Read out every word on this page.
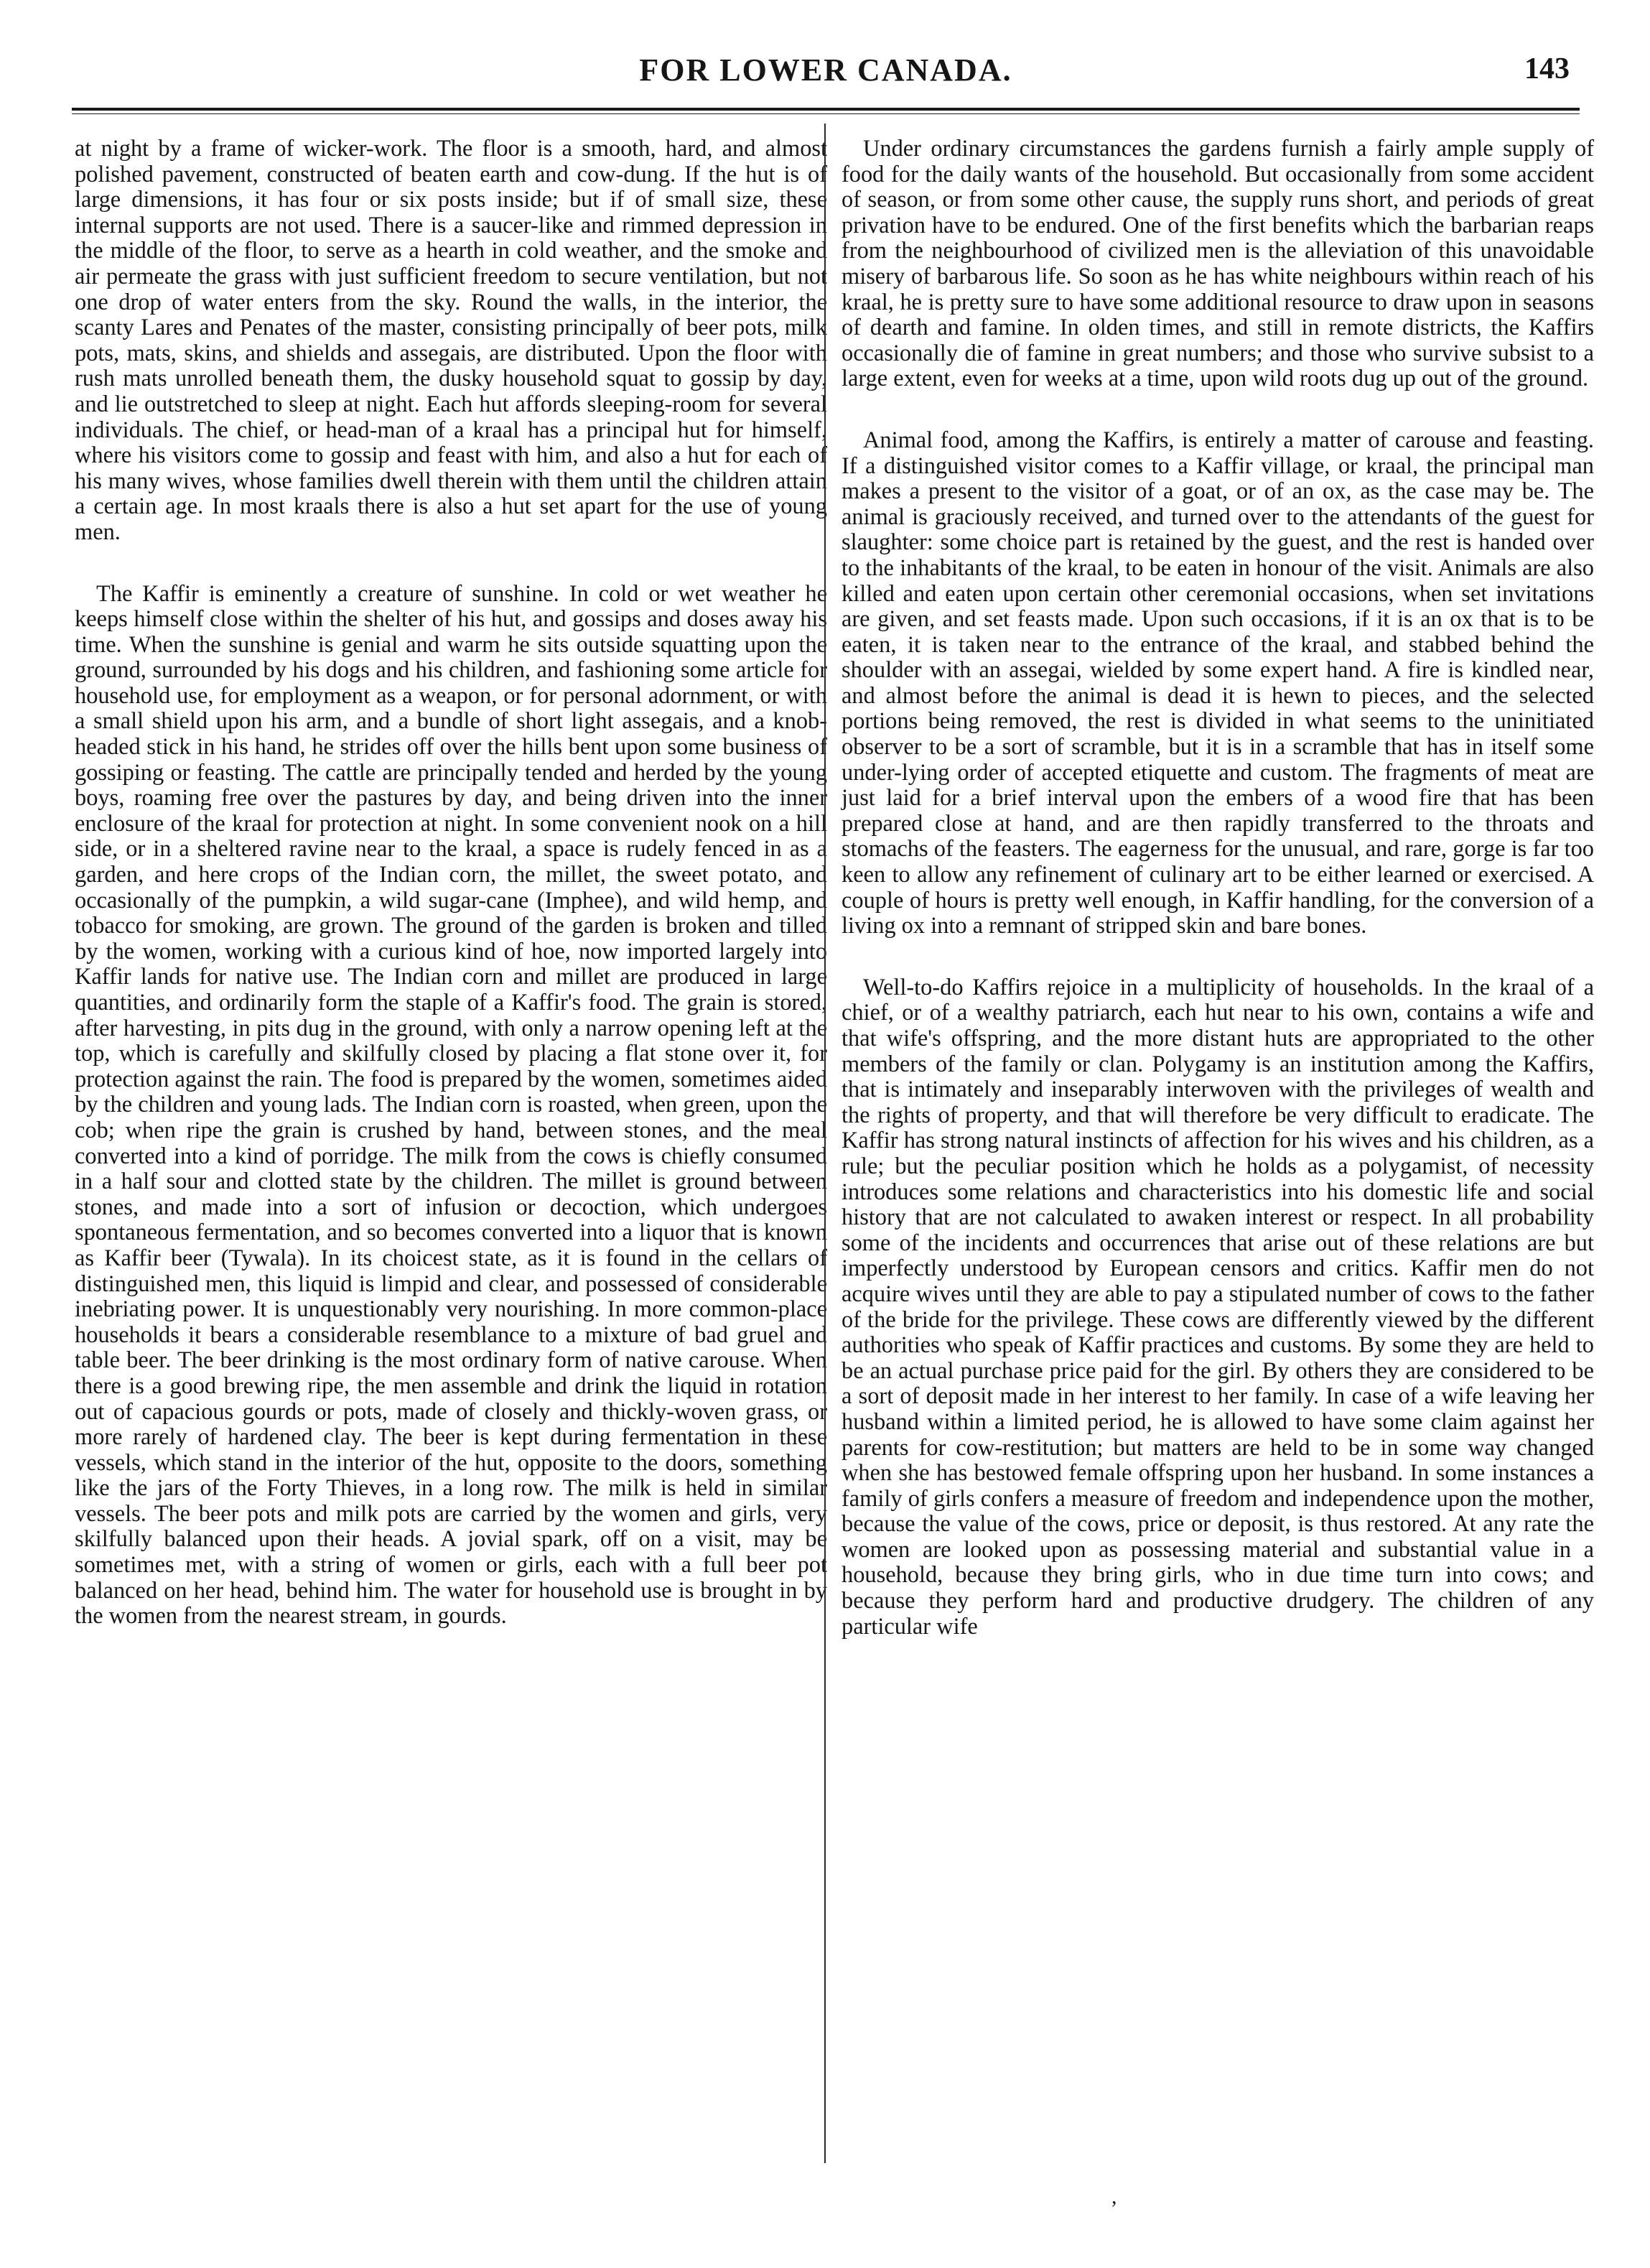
FOR LOWER CANADA.	143

at night by a frame of wicker-work. The floor is a smooth, hard, and almost polished pavement, constructed of beaten earth and cow-dung. If the hut is of large dimensions, it has four or six posts inside; but if of small size, these internal supports are not used. There is a saucer-like and rimmed depression in the middle of the floor, to serve as a hearth in cold weather, and the smoke and air permeate the grass with just sufficient freedom to secure ventilation, but not one drop of water enters from the sky. Round the walls, in the interior, the scanty Lares and Penates of the master, consisting principally of beer pots, milk pots, mats, skins, and shields and assegais, are distributed. Upon the floor with rush mats unrolled beneath them, the dusky household squat to gossip by day, and lie outstretched to sleep at night. Each hut affords sleeping-room for several individuals. The chief, or head-man of a kraal has a principal hut for himself, where his visitors come to gossip and feast with him, and also a hut for each of his many wives, whose families dwell therein with them until the children attain a certain age. In most kraals there is also a hut set apart for the use of young men.

The Kaffir is eminently a creature of sunshine. In cold or wet weather he keeps himself close within the shelter of his hut, and gossips and doses away his time. When the sunshine is genial and warm he sits outside squatting upon the ground, surrounded by his dogs and his children, and fashioning some article for household use, for employment as a weapon, or for personal adornment, or with a small shield upon his arm, and a bundle of short light assegais, and a knob-headed stick in his hand, he strides off over the hills bent upon some business of gossiping or feasting. The cattle are principally tended and herded by the young boys, roaming free over the pastures by day, and being driven into the inner enclosure of the kraal for protection at night. In some convenient nook on a hill side, or in a sheltered ravine near to the kraal, a space is rudely fenced in as a garden, and here crops of the Indian corn, the millet, the sweet potato, and occasionally of the pumpkin, a wild sugar-cane (Imphee), and wild hemp, and tobacco for smoking, are grown. The ground of the garden is broken and tilled by the women, working with a curious kind of hoe, now imported largely into Kaffir lands for native use. The Indian corn and millet are produced in large quantities, and ordinarily form the staple of a Kaffir's food. The grain is stored, after harvesting, in pits dug in the ground, with only a narrow opening left at the top, which is carefully and skilfully closed by placing a flat stone over it, for protection against the rain. The food is prepared by the women, sometimes aided by the children and young lads. The Indian corn is roasted, when green, upon the cob; when ripe the grain is crushed by hand, between stones, and the meal converted into a kind of porridge. The milk from the cows is chiefly consumed in a half sour and clotted state by the children. The millet is ground between stones, and made into a sort of infusion or decoction, which undergoes spontaneous fermentation, and so becomes converted into a liquor that is known as Kaffir beer (Tywala). In its choicest state, as it is found in the cellars of distinguished men, this liquid is limpid and clear, and possessed of considerable inebriating power. It is unquestionably very nourishing. In more common-place households it bears a considerable resemblance to a mixture of bad gruel and table beer. The beer drinking is the most ordinary form of native carouse. When there is a good brewing ripe, the men assemble and drink the liquid in rotation out of capacious gourds or pots, made of closely and thickly-woven grass, or more rarely of hardened clay. The beer is kept during fermentation in these vessels, which stand in the interior of the hut, opposite to the doors, something like the jars of the Forty Thieves, in a long row. The milk is held in similar vessels. The beer pots and milk pots are carried by the women and girls, very skilfully balanced upon their heads. A jovial spark, off on a visit, may be sometimes met, with a string of women or girls, each with a full beer pot balanced on her head, behind him. The water for household use is brought in by the women from the nearest stream, in gourds.

Under ordinary circumstances the gardens furnish a fairly ample supply of food for the daily wants of the household. But occasionally from some accident of season, or from some other cause, the supply runs short, and periods of great privation have to be endured. One of the first benefits which the barbarian reaps from the neighbourhood of civilized men is the alleviation of this unavoidable misery of barbarous life. So soon as he has white neighbours within reach of his kraal, he is pretty sure to have some additional resource to draw upon in seasons of dearth and famine. In olden times, and still in remote districts, the Kaffirs occasionally die of famine in great numbers; and those who survive subsist to a large extent, even for weeks at a time, upon wild roots dug up out of the ground.

Animal food, among the Kaffirs, is entirely a matter of carouse and feasting. If a distinguished visitor comes to a Kaffir village, or kraal, the principal man makes a present to the visitor of a goat, or of an ox, as the case may be. The animal is graciously received, and turned over to the attendants of the guest for slaughter: some choice part is retained by the guest, and the rest is handed over to the inhabitants of the kraal, to be eaten in honour of the visit. Animals are also killed and eaten upon certain other ceremonial occasions, when set invitations are given, and set feasts made. Upon such occasions, if it is an ox that is to be eaten, it is taken near to the entrance of the kraal, and stabbed behind the shoulder with an assegai, wielded by some expert hand. A fire is kindled near, and almost before the animal is dead it is hewn to pieces, and the selected portions being removed, the rest is divided in what seems to the uninitiated observer to be a sort of scramble, but it is in a scramble that has in itself some under-lying order of accepted etiquette and custom. The fragments of meat are just laid for a brief interval upon the embers of a wood fire that has been prepared close at hand, and are then rapidly transferred to the throats and stomachs of the feasters. The eagerness for the unusual, and rare, gorge is far too keen to allow any refinement of culinary art to be either learned or exercised. A couple of hours is pretty well enough, in Kaffir handling, for the conversion of a living ox into a remnant of stripped skin and bare bones.

Well-to-do Kaffirs rejoice in a multiplicity of households. In the kraal of a chief, or of a wealthy patriarch, each hut near to his own, contains a wife and that wife's offspring, and the more distant huts are appropriated to the other members of the family or clan. Polygamy is an institution among the Kaffirs, that is intimately and inseparably interwoven with the privileges of wealth and the rights of property, and that will therefore be very difficult to eradicate. The Kaffir has strong natural instincts of affection for his wives and his children, as a rule; but the peculiar position which he holds as a polygamist, of necessity introduces some relations and characteristics into his domestic life and social history that are not calculated to awaken interest or respect. In all probability some of the incidents and occurrences that arise out of these relations are but imperfectly understood by European censors and critics. Kaffir men do not acquire wives until they are able to pay a stipulated number of cows to the father of the bride for the privilege. These cows are differently viewed by the different authorities who speak of Kaffir practices and customs. By some they are held to be an actual purchase price paid for the girl. By others they are considered to be a sort of deposit made in her interest to her family. In case of a wife leaving her husband within a limited period, he is allowed to have some claim against her parents for cow-restitution; but matters are held to be in some way changed when she has bestowed female offspring upon her husband. In some instances a family of girls confers a measure of freedom and independence upon the mother, because the value of the cows, price or deposit, is thus restored. At any rate the women are looked upon as possessing material and substantial value in a household, because they bring girls, who in due time turn into cows; and because they perform hard and productive drudgery. The children of any particular wife

,
